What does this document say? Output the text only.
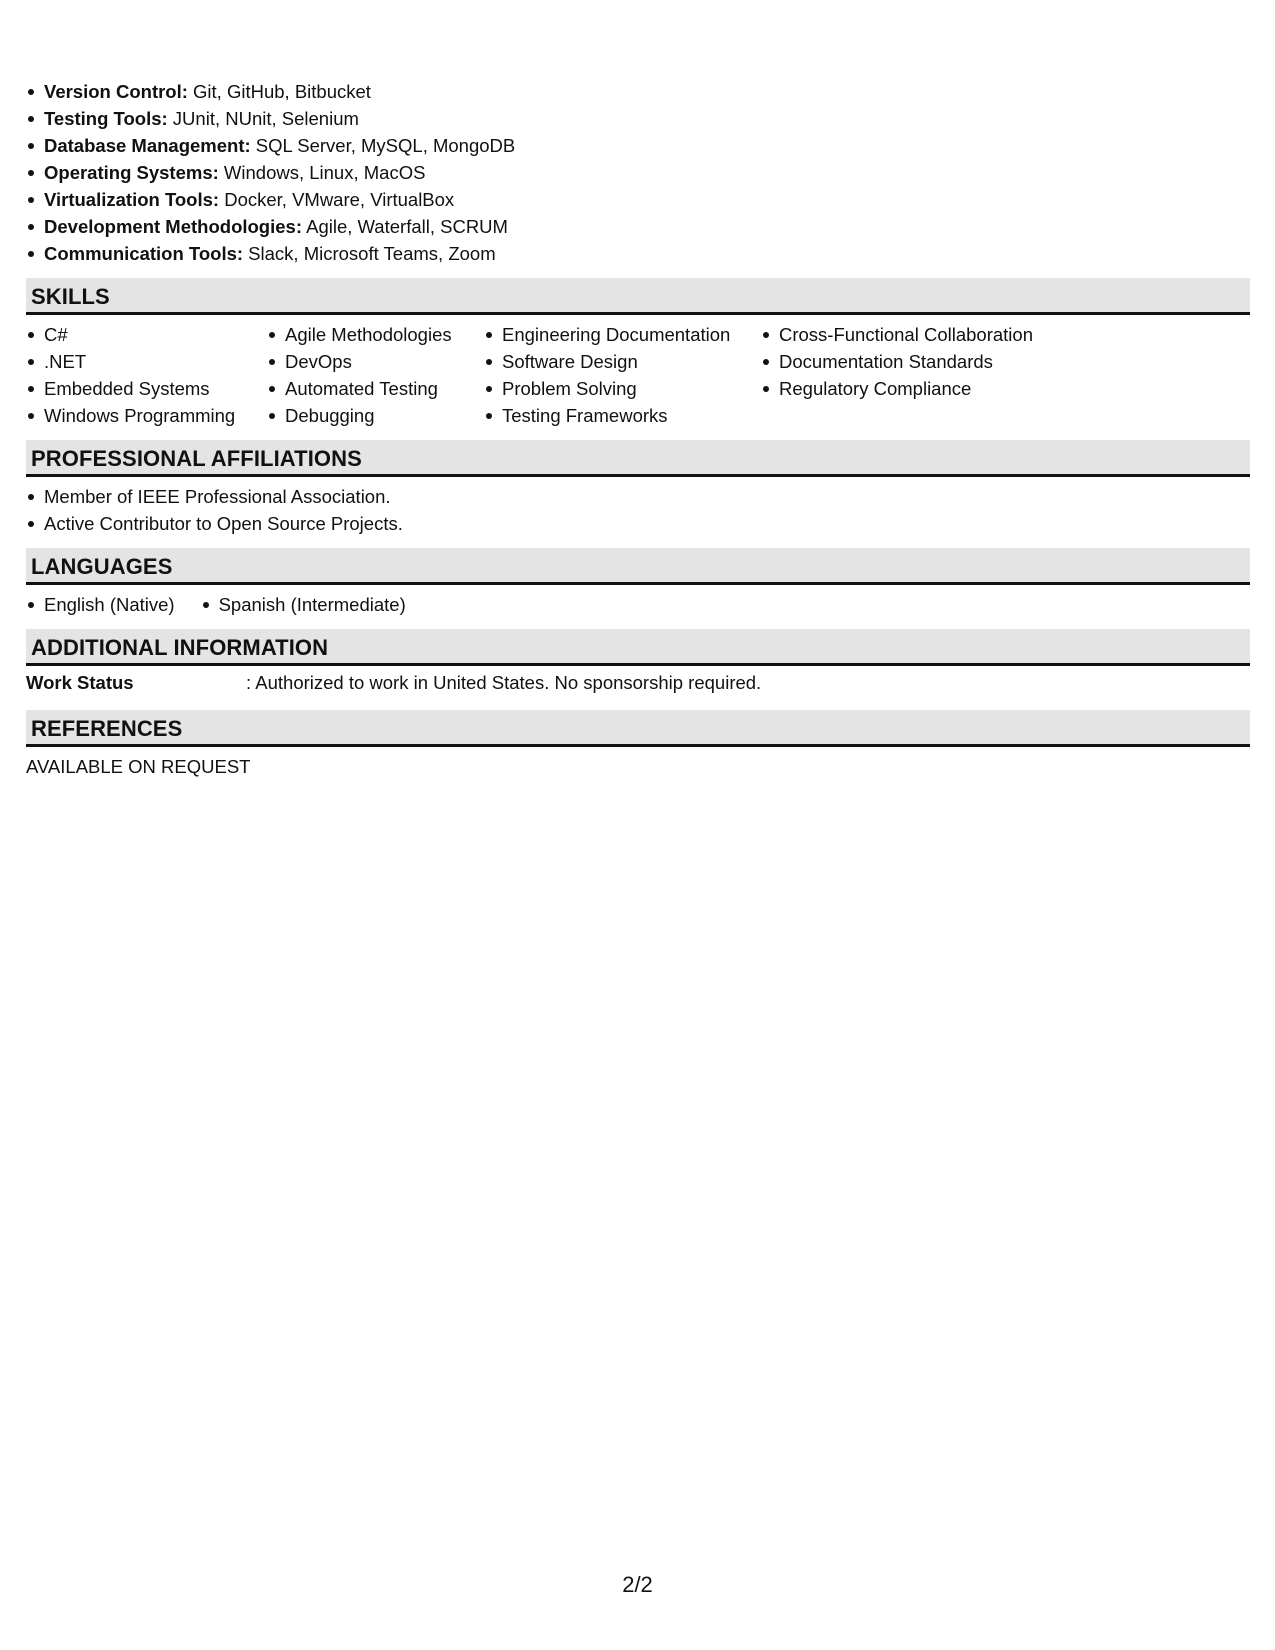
Version Control: Git, GitHub, Bitbucket
Testing Tools: JUnit, NUnit, Selenium
Database Management: SQL Server, MySQL, MongoDB
Operating Systems: Windows, Linux, MacOS
Virtualization Tools: Docker, VMware, VirtualBox
Development Methodologies: Agile, Waterfall, SCRUM
Communication Tools: Slack, Microsoft Teams, Zoom
SKILLS
C#
.NET
Embedded Systems
Windows Programming
Agile Methodologies
DevOps
Automated Testing
Debugging
Engineering Documentation
Software Design
Problem Solving
Testing Frameworks
Cross-Functional Collaboration
Documentation Standards
Regulatory Compliance
PROFESSIONAL AFFILIATIONS
Member of IEEE Professional Association.
Active Contributor to Open Source Projects.
LANGUAGES
English (Native)	Spanish (Intermediate)
ADDITIONAL INFORMATION
Work Status	: Authorized to work in United States. No sponsorship required.
REFERENCES
AVAILABLE ON REQUEST
2/2
